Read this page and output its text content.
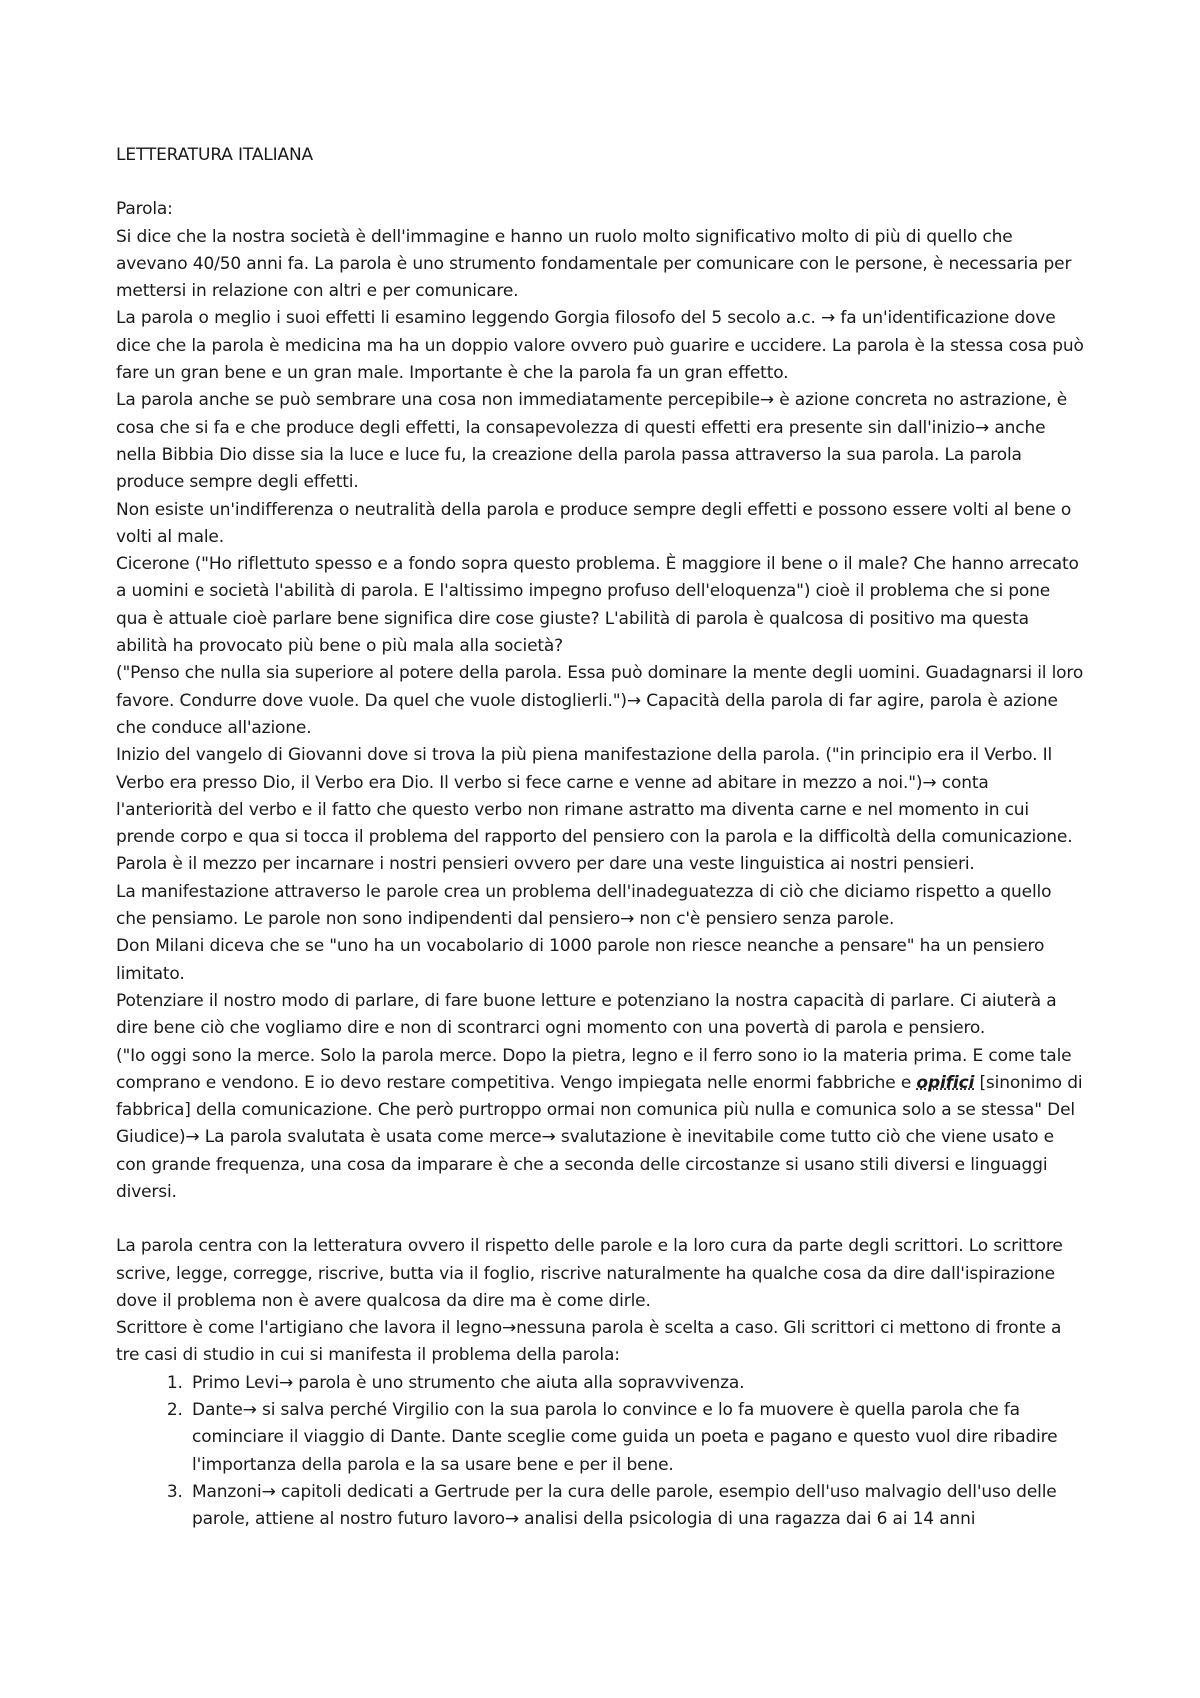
LETTERATURA ITALIANA

Parola:

Si dice che la nostra società è dell'immagine e hanno un ruolo molto significativo molto di più di quello che avevano 40/50 anni fa. La parola è uno strumento fondamentale per comunicare con le persone, è necessaria per mettersi in relazione con altri e per comunicare.

La parola o meglio i suoi effetti li esamino leggendo Gorgia filosofo del 5 secolo a.c. → fa un'identificazione dove dice che la parola è medicina ma ha un doppio valore ovvero può guarire e uccidere. La parola è la stessa cosa può fare un gran bene e un gran male. Importante è che la parola fa un gran effetto.

La parola anche se può sembrare una cosa non immediatamente percepibile→ è azione concreta no astrazione, è cosa che si fa e che produce degli effetti, la consapevolezza di questi effetti era presente sin dall'inizio→ anche nella Bibbia Dio disse sia la luce e luce fu, la creazione della parola passa attraverso la sua parola. La parola produce sempre degli effetti.

Non esiste un'indifferenza o neutralità della parola e produce sempre degli effetti e possono essere volti al bene o volti al male.

Cicerone ("Ho riflettuto spesso e a fondo sopra questo problema. È maggiore il bene o il male? Che hanno arrecato a uomini e società l'abilità di parola. E l'altissimo impegno profuso dell'eloquenza") cioè il problema che si pone qua è attuale cioè parlare bene significa dire cose giuste? L'abilità di parola è qualcosa di positivo ma questa abilità ha provocato più bene o più mala alla società?

("Penso che nulla sia superiore al potere della parola. Essa può dominare la mente degli uomini. Guadagnarsi il loro favore. Condurre dove vuole. Da quel che vuole distoglierli.")→ Capacità della parola di far agire, parola è azione che conduce all'azione.

Inizio del vangelo di Giovanni dove si trova la più piena manifestazione della parola. ("in principio era il Verbo. Il Verbo era presso Dio, il Verbo era Dio. Il verbo si fece carne e venne ad abitare in mezzo a noi.")→ conta l'anteriorità del verbo e il fatto che questo verbo non rimane astratto ma diventa carne e nel momento in cui prende corpo e qua si tocca il problema del rapporto del pensiero con la parola e la difficoltà della comunicazione.

Parola è il mezzo per incarnare i nostri pensieri ovvero per dare una veste linguistica ai nostri pensieri.

La manifestazione attraverso le parole crea un problema dell'inadeguatezza di ciò che diciamo rispetto a quello che pensiamo. Le parole non sono indipendenti dal pensiero→ non c'è pensiero senza parole.

Don Milani diceva che se "uno ha un vocabolario di 1000 parole non riesce neanche a pensare" ha un pensiero limitato.

Potenziare il nostro modo di parlare, di fare buone letture e potenziano la nostra capacità di parlare. Ci aiuterà a dire bene ciò che vogliamo dire e non di scontrarci ogni momento con una povertà di parola e pensiero.

("Io oggi sono la merce. Solo la parola merce. Dopo la pietra, legno e il ferro sono io la materia prima. E come tale comprano e vendono. E io devo restare competitiva. Vengo impiegata nelle enormi fabbriche e opifici [sinonimo di fabbrica] della comunicazione. Che però purtroppo ormai non comunica più nulla e comunica solo a se stessa" Del Giudice)→ La parola svalutata è usata come merce→ svalutazione è inevitabile come tutto ciò che viene usato e con grande frequenza, una cosa da imparare è che a seconda delle circostanze si usano stili diversi e linguaggi diversi.

La parola centra con la letteratura ovvero il rispetto delle parole e la loro cura da parte degli scrittori. Lo scrittore scrive, legge, corregge, riscrive, butta via il foglio, riscrive naturalmente ha qualche cosa da dire dall'ispirazione dove il problema non è avere qualcosa da dire ma è come dirle.

Scrittore è come l'artigiano che lavora il legno→nessuna parola è scelta a caso. Gli scrittori ci mettono di fronte a tre casi di studio in cui si manifesta il problema della parola:

1. Primo Levi→ parola è uno strumento che aiuta alla sopravvivenza.
2. Dante→ si salva perché Virgilio con la sua parola lo convince e lo fa muovere è quella parola che fa cominciare il viaggio di Dante. Dante sceglie come guida un poeta e pagano e questo vuol dire ribadire l'importanza della parola e la sa usare bene e per il bene.
3. Manzoni→ capitoli dedicati a Gertrude per la cura delle parole, esempio dell'uso malvagio dell'uso delle parole, attiene al nostro futuro lavoro→ analisi della psicologia di una ragazza dai 6 ai 14 anni
